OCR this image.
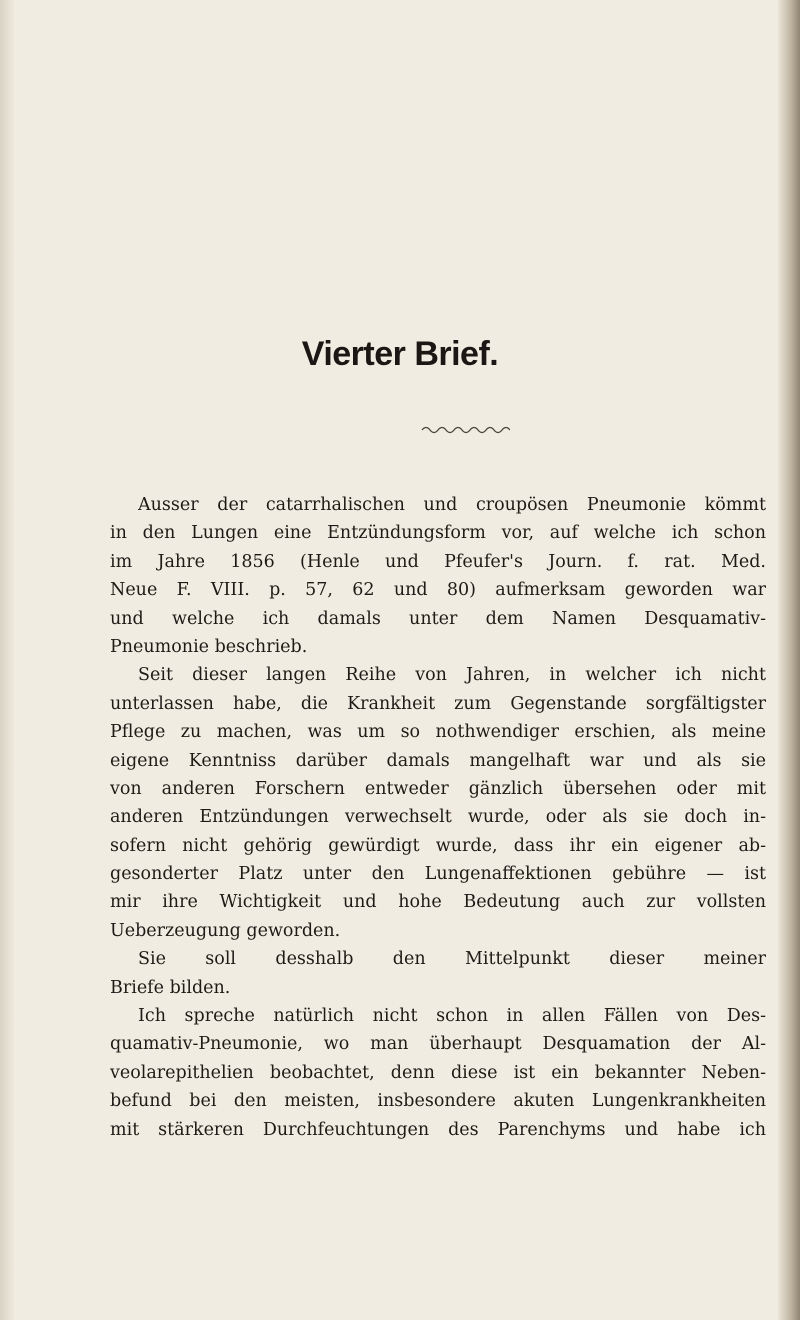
Vierter Brief.
Ausser der catarrhalischen und croupösen Pneumonie kömmt
in den Lungen eine Entzündungsform vor, auf welche ich schon
im Jahre 1856 (Henle und Pfeufer's Journ. f. rat. Med.
Neue F. VIII. p. 57, 62 und 80) aufmerksam geworden war
und welche ich damals unter dem Namen Desquamativ-
Pneumonie beschrieb.
Seit dieser langen Reihe von Jahren, in welcher ich nicht
unterlassen habe, die Krankheit zum Gegenstande sorgfältigster
Pflege zu machen, was um so nothwendiger erschien, als meine
eigene Kenntniss darüber damals mangelhaft war und als sie
von anderen Forschern entweder gänzlich übersehen oder mit
anderen Entzündungen verwechselt wurde, oder als sie doch in-
sofern nicht gehörig gewürdigt wurde, dass ihr ein eigener ab-
gesonderter Platz unter den Lungenaffektionen gebühre — ist
mir ihre Wichtigkeit und hohe Bedeutung auch zur vollsten
Ueberzeugung geworden.
Sie soll desshalb den Mittelpunkt dieser meiner
Briefe bilden.
Ich spreche natürlich nicht schon in allen Fällen von Des-
quamativ-Pneumonie, wo man überhaupt Desquamation der Al-
veolarepithelien beobachtet, denn diese ist ein bekannter Neben-
befund bei den meisten, insbesondere akuten Lungenkrankheiten
mit stärkeren Durchfeuchtungen des Parenchyms und habe ich
